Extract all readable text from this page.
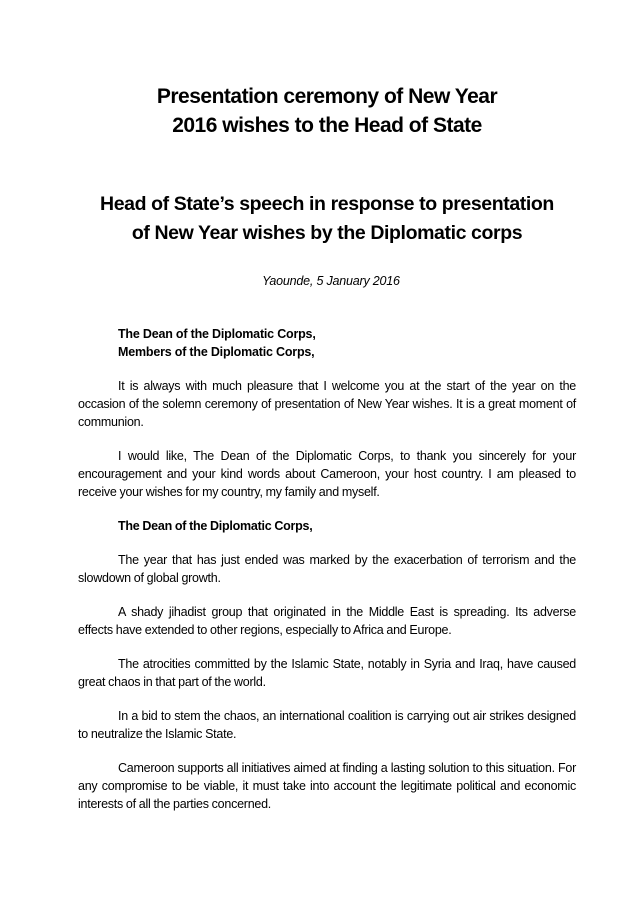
Presentation ceremony of New Year
2016 wishes to the Head of State
Head of State’s speech in response to presentation
of New Year wishes by the Diplomatic corps

Yaounde, 5 January 2016

The Dean of the Diplomatic Corps,
Members of the Diplomatic Corps,

It is always with much pleasure that I welcome you at the start of the year on the occasion of the solemn ceremony of presentation of New Year wishes. It is a great moment of communion.

I would like, The Dean of the Diplomatic Corps, to thank you sincerely for your encouragement and your kind words about Cameroon, your host country. I am pleased to receive your wishes for my country, my family and myself.

The Dean of the Diplomatic Corps,

The year that has just ended was marked by the exacerbation of terrorism and the slowdown of global growth.

A shady jihadist group that originated in the Middle East is spreading. Its adverse effects have extended to other regions, especially to Africa and Europe.

The atrocities committed by the Islamic State, notably in Syria and Iraq, have caused great chaos in that part of the world.

In a bid to stem the chaos, an international coalition is carrying out air strikes designed to neutralize the Islamic State.

Cameroon supports all initiatives aimed at finding a lasting solution to this situation. For any compromise to be viable, it must take into account the legitimate political and economic interests of all the parties concerned.
